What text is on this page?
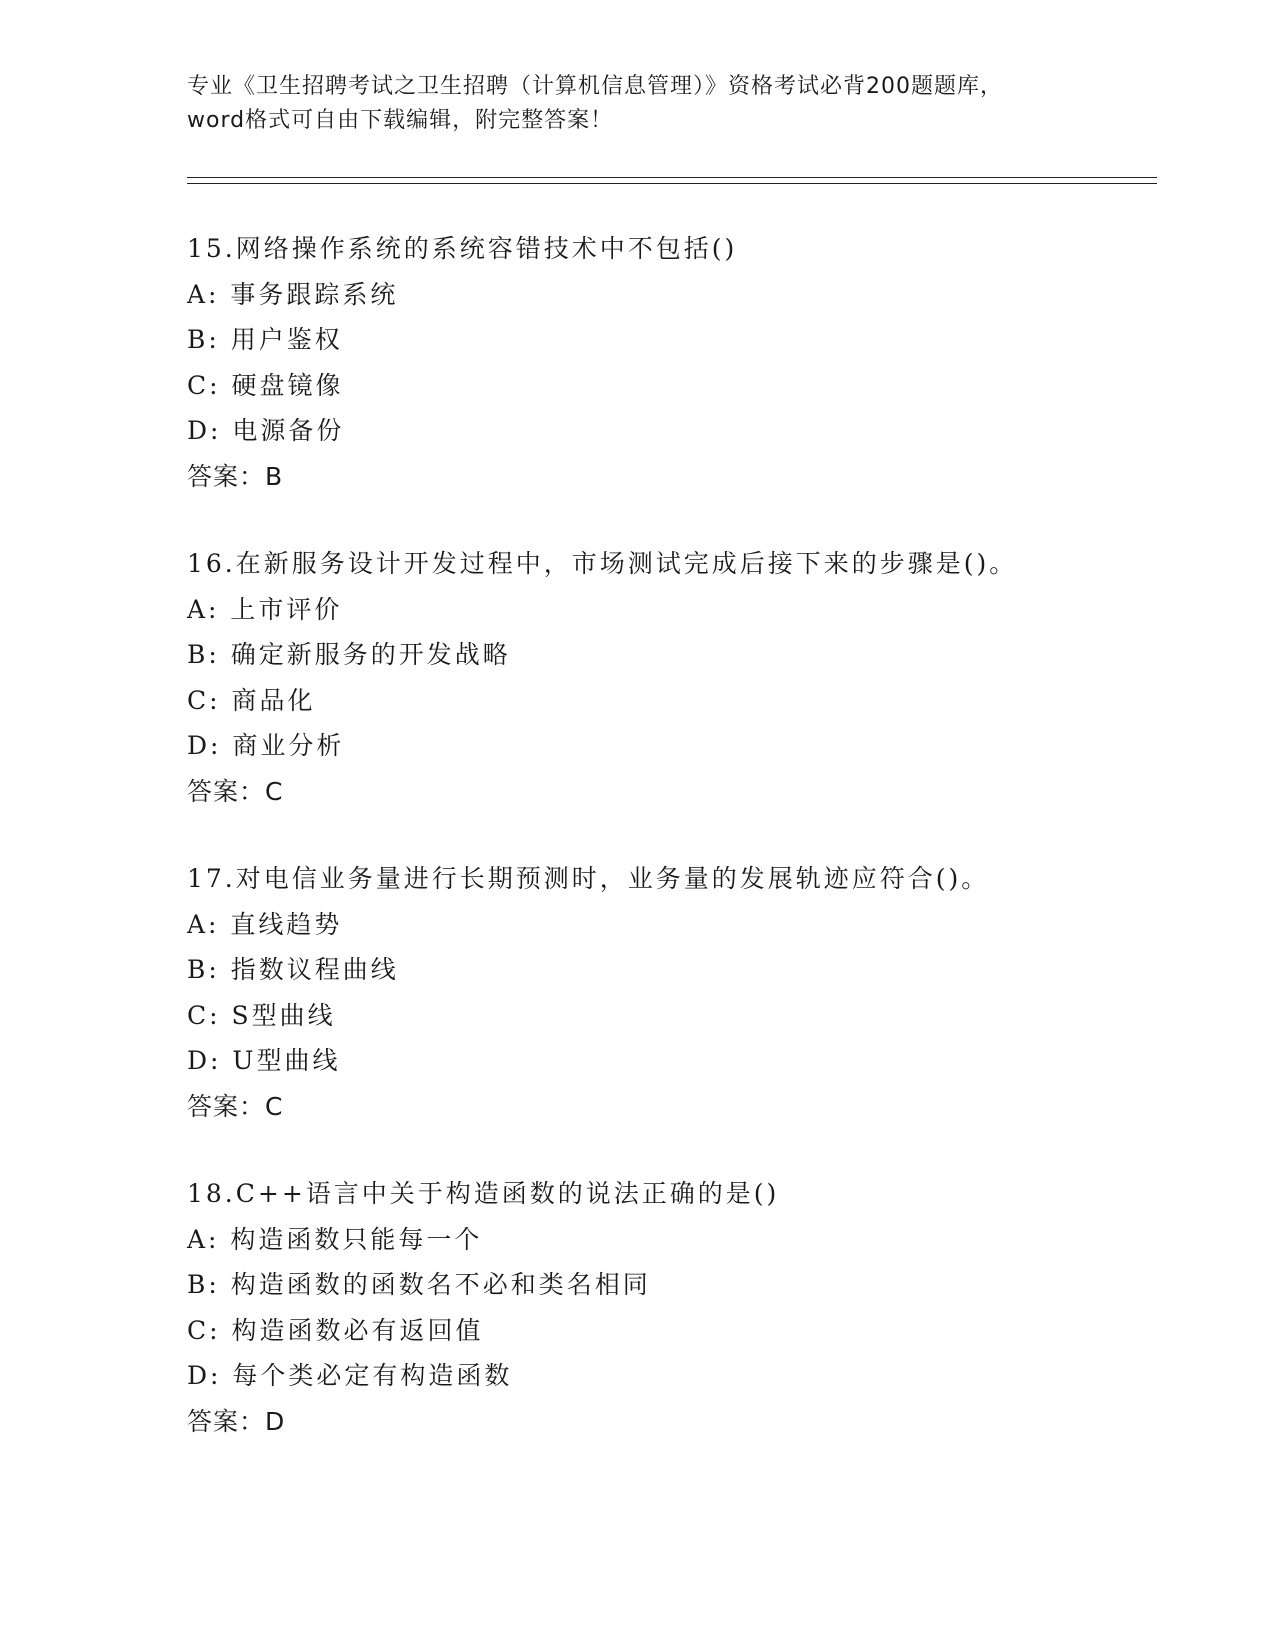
专业《卫生招聘考试之卫生招聘（计算机信息管理）》资格考试必背200题题库，
word格式可自由下载编辑，附完整答案！
15.网络操作系统的系统容错技术中不包括()
A: 事务跟踪系统
B: 用户鉴权
C: 硬盘镜像
D: 电源备份
答案：B
16.在新服务设计开发过程中，市场测试完成后接下来的步骤是()。
A: 上市评价
B: 确定新服务的开发战略
C: 商品化
D: 商业分析
答案：C
17.对电信业务量进行长期预测时，业务量的发展轨迹应符合()。
A: 直线趋势
B: 指数议程曲线
C: S型曲线
D: U型曲线
答案：C
18.C++语言中关于构造函数的说法正确的是()
A: 构造函数只能每一个
B: 构造函数的函数名不必和类名相同
C: 构造函数必有返回值
D: 每个类必定有构造函数
答案：D
